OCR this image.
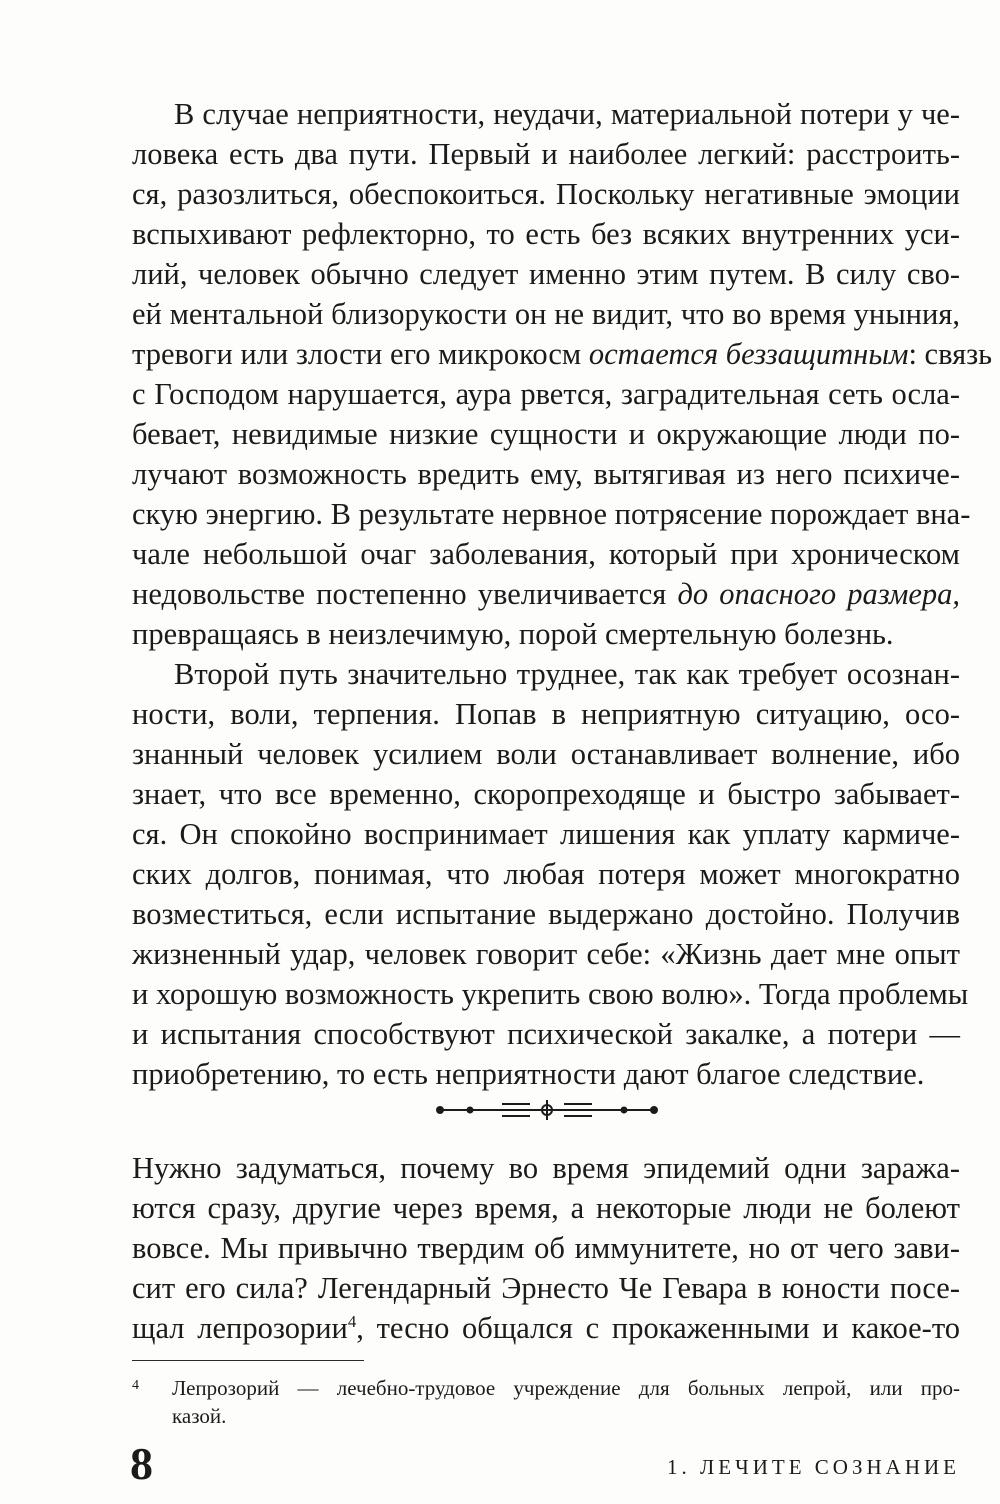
В случае неприятности, неудачи, материальной потери у че-
ловека есть два пути. Первый и наиболее легкий: расстроить-
ся, разозлиться, обеспокоиться. Поскольку негативные эмоции
вспыхивают рефлекторно, то есть без всяких внутренних уси-
лий, человек обычно следует именно этим путем. В силу сво-
ей ментальной близорукости он не видит, что во время уныния,
тревоги или злости его микрокосм остается беззащитным: связь
с Господом нарушается, аура рвется, заградительная сеть осла-
бевает, невидимые низкие сущности и окружающие люди по-
лучают возможность вредить ему, вытягивая из него психиче-
скую энергию. В результате нервное потрясение порождает вна-
чале небольшой очаг заболевания, который при хроническом
недовольстве постепенно увеличивается до опасного размера,
превращаясь в неизлечимую, порой смертельную болезнь.
Второй путь значительно труднее, так как требует осознан-
ности, воли, терпения. Попав в неприятную ситуацию, осо-
знанный человек усилием воли останавливает волнение, ибо
знает, что все временно, скоропреходяще и быстро забывает-
ся. Он спокойно воспринимает лишения как уплату кармиче-
ских долгов, понимая, что любая потеря может многократно
возместиться, если испытание выдержано достойно. Получив
жизненный удар, человек говорит себе: «Жизнь дает мне опыт
и хорошую возможность укрепить свою волю». Тогда проблемы
и испытания способствуют психической закалке, а потери —
приобретению, то есть неприятности дают благое следствие.
Нужно задуматься, почему во время эпидемий одни заража-
ются сразу, другие через время, а некоторые люди не болеют
вовсе. Мы привычно твердим об иммунитете, но от чего зави-
сит его сила? Легендарный Эрнесто Че Гевара в юности посе-
щал лепрозории$^4$, тесно общался с прокаженными и какое-то
4 Лепрозорий — лечебно-трудовое учреждение для больных лепрой, или про-
казой.
8	1. ЛЕЧИТЕ СОЗНАНИЕ
